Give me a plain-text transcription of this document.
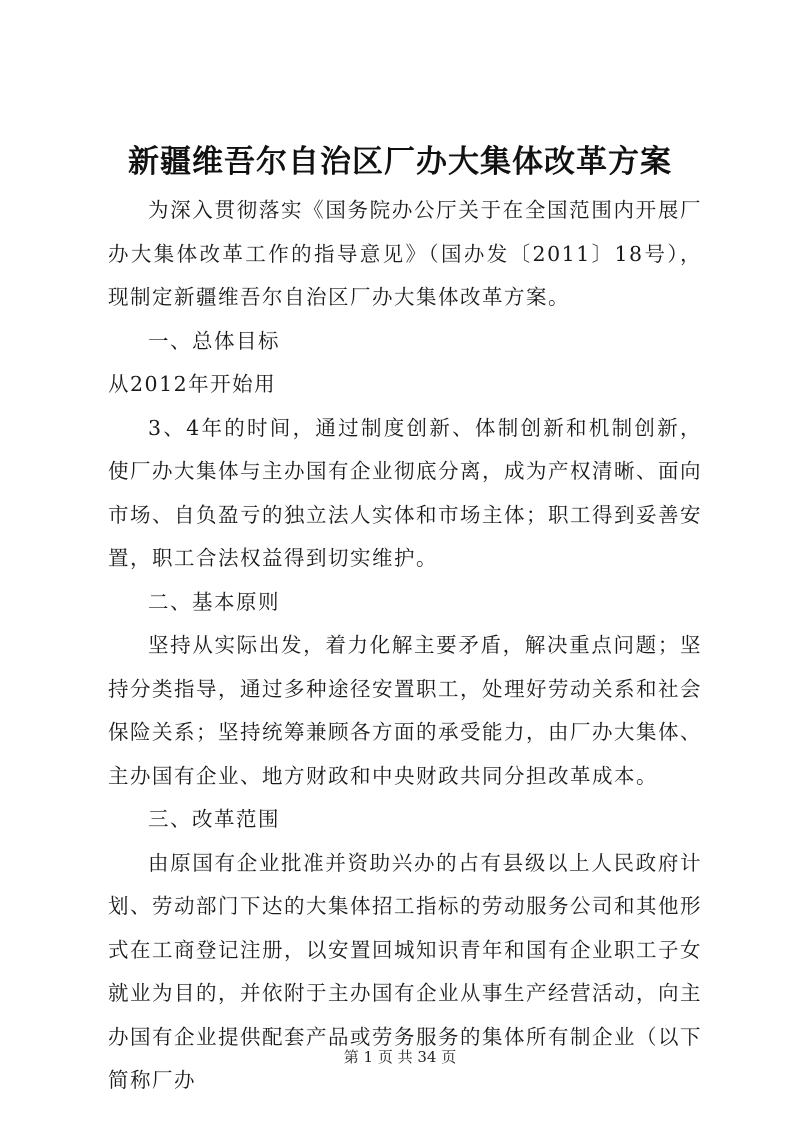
新疆维吾尔自治区厂办大集体改革方案

为深入贯彻落实《国务院办公厅关于在全国范围内开展厂办大集体改革工作的指导意见》（国办发〔2011〕18号），现制定新疆维吾尔自治区厂办大集体改革方案。

一、总体目标

从2012年开始用

3、4年的时间，通过制度创新、体制创新和机制创新，使厂办大集体与主办国有企业彻底分离，成为产权清晰、面向市场、自负盈亏的独立法人实体和市场主体；职工得到妥善安置，职工合法权益得到切实维护。

二、基本原则

坚持从实际出发，着力化解主要矛盾，解决重点问题；坚持分类指导，通过多种途径安置职工，处理好劳动关系和社会保险关系；坚持统筹兼顾各方面的承受能力，由厂办大集体、主办国有企业、地方财政和中央财政共同分担改革成本。

三、改革范围

由原国有企业批准并资助兴办的占有县级以上人民政府计划、劳动部门下达的大集体招工指标的劳动服务公司和其他形式在工商登记注册，以安置回城知识青年和国有企业职工子女就业为目的，并依附于主办国有企业从事生产经营活动，向主办国有企业提供配套产品或劳务服务的集体所有制企业（以下简称厂办

第 1 页 共 34 页
